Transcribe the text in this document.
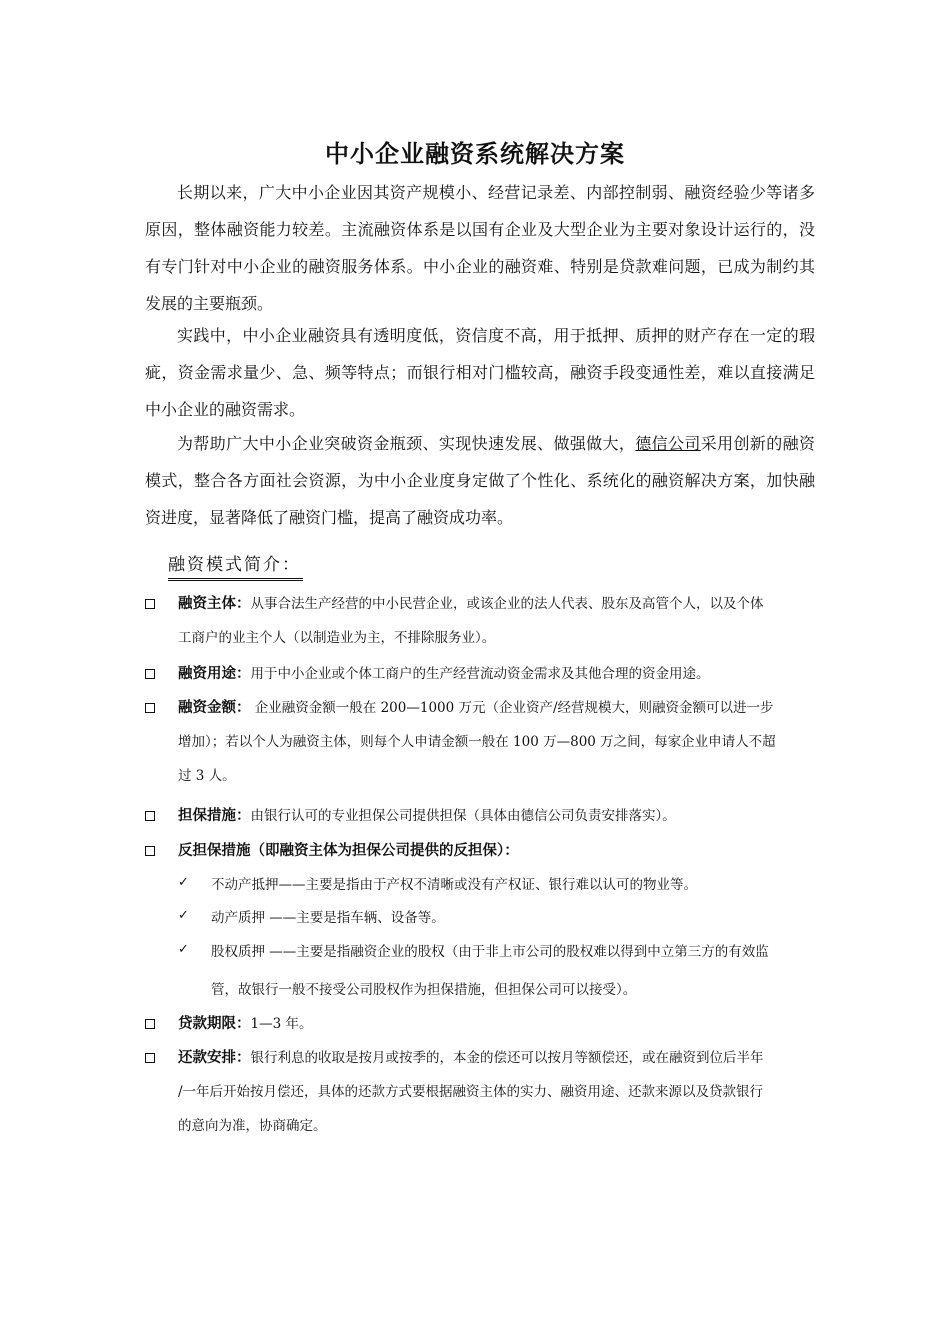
中小企业融资系统解决方案
长期以来，广大中小企业因其资产规模小、经营记录差、内部控制弱、融资经验少等诸多原因，整体融资能力较差。主流融资体系是以国有企业及大型企业为主要对象设计运行的，没有专门针对中小企业的融资服务体系。中小企业的融资难、特别是贷款难问题，已成为制约其发展的主要瓶颈。
实践中，中小企业融资具有透明度低，资信度不高，用于抵押、质押的财产存在一定的瑕疵，资金需求量少、急、频等特点；而银行相对门槛较高，融资手段变通性差，难以直接满足中小企业的融资需求。
为帮助广大中小企业突破资金瓶颈、实现快速发展、做强做大，德信公司采用创新的融资模式，整合各方面社会资源，为中小企业度身定做了个性化、系统化的融资解决方案，加快融资进度，显著降低了融资门槛，提高了融资成功率。
融资模式简介：
融资主体：从事合法生产经营的中小民营企业，或该企业的法人代表、股东及高管个人，以及个体
工商户的业主个人（以制造业为主，不排除服务业）。
融资用途：用于中小企业或个体工商户的生产经营流动资金需求及其他合理的资金用途。
融资金额： 企业融资金额一般在 200—1000 万元（企业资产/经营规模大，则融资金额可以进一步
增加）；若以个人为融资主体，则每个人申请金额一般在 100 万—800 万之间，每家企业申请人不超
过 3 人。
担保措施：由银行认可的专业担保公司提供担保（具体由德信公司负责安排落实）。
反担保措施（即融资主体为担保公司提供的反担保）：
✓ 不动产抵押——主要是指由于产权不清晰或没有产权证、银行难以认可的物业等。
✓ 动产质押 ——主要是指车辆、设备等。
✓ 股权质押 ——主要是指融资企业的股权（由于非上市公司的股权难以得到中立第三方的有效监
管，故银行一般不接受公司股权作为担保措施，但担保公司可以接受）。
贷款期限：1—3 年。
还款安排：银行利息的收取是按月或按季的，本金的偿还可以按月等额偿还，或在融资到位后半年
/一年后开始按月偿还，具体的还款方式要根据融资主体的实力、融资用途、还款来源以及贷款银行
的意向为准，协商确定。
